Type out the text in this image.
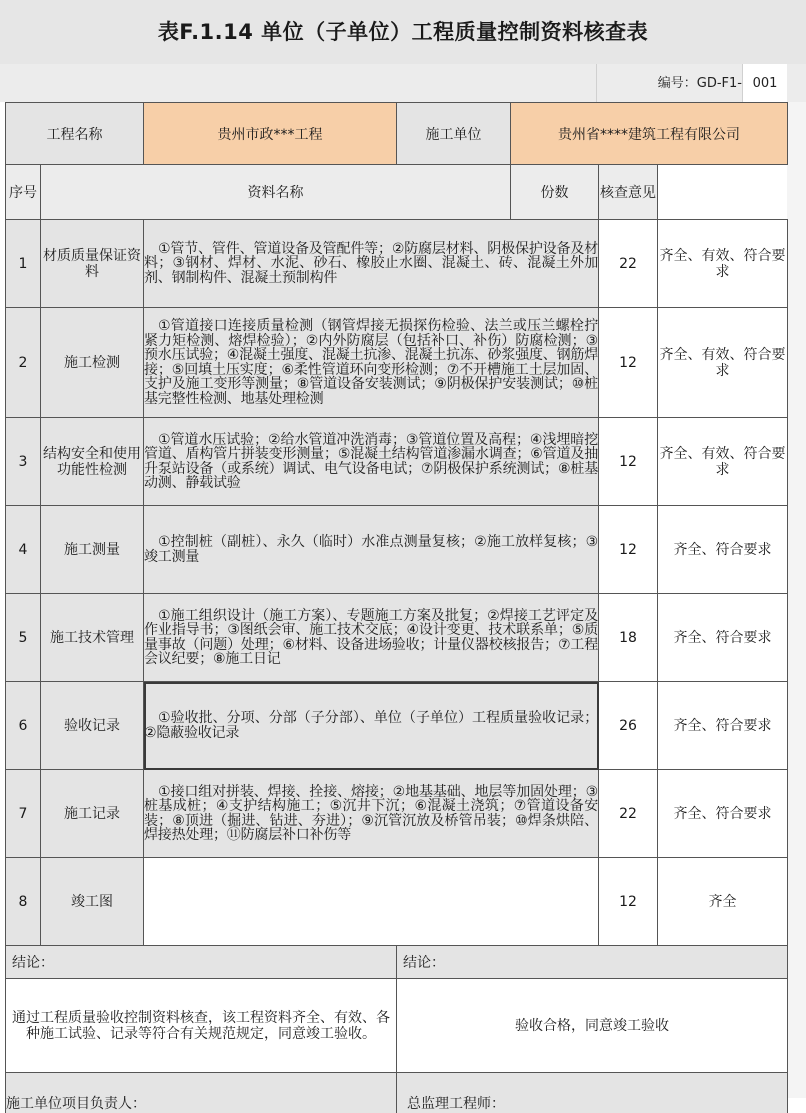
表F.1.14 单位（子单位）工程质量控制资料核查表
编号：GD-F1- 001
工程名称		贵州市政***工程	施工单位	贵州省****建筑工程有限公司		
序号	资料名称			份数	核查意见	
1	材质质量保证资料	①管节、管件、管道设备及管配件等；②防腐层材料、阴极保护设备及材料；③钢材、焊材、水泥、砂石、橡胶止水圈、混凝土、砖、混凝土外加剂、钢制构件、混凝土预制构件			22	齐全、有效、符合要求
2	施工检测	①管道接口连接质量检测（钢管焊接无损探伤检验、法兰或压兰螺栓拧紧力矩检测、熔焊检验）；②内外防腐层（包括补口、补伤）防腐检测；③预水压试验；④混凝土强度、混凝土抗渗、混凝土抗冻、砂浆强度、钢筋焊接；⑤回填土压实度；⑥柔性管道环向变形检测；⑦不开槽施工土层加固、支护及施工变形等测量；⑧管道设备安装测试；⑨阴极保护安装测试；⑩桩基完整性检测、地基处理检测			12	齐全、有效、符合要求
3	结构安全和使用功能性检测	①管道水压试验；②给水管道冲洗消毒；③管道位置及高程；④浅埋暗挖管道、盾构管片拼装变形测量；⑤混凝土结构管道渗漏水调查；⑥管道及抽升泵站设备（或系统）调试、电气设备电试；⑦阴极保护系统测试；⑧桩基动测、静载试验			12	齐全、有效、符合要求
4	施工测量	①控制桩（副桩）、永久（临时）水准点测量复核；②施工放样复核；③竣工测量			12	齐全、符合要求
5	施工技术管理	①施工组织设计（施工方案）、专题施工方案及批复；②焊接工艺评定及作业指导书；③图纸会审、施工技术交底；④设计变更、技术联系单；⑤质量事故（问题）处理；⑥材料、设备进场验收；计量仪器校核报告；⑦工程会议纪要；⑧施工日记			18	齐全、符合要求
6	验收记录	①验收批、分项、分部（子分部）、单位（子单位）工程质量验收记录；②隐蔽验收记录			26	齐全、符合要求
7	施工记录	①接口组对拼装、焊接、拴接、熔接；②地基基础、地层等加固处理；③桩基成桩；④支护结构施工；⑤沉井下沉；⑥混凝土浇筑；⑦管道设备安装；⑧顶进（掘进、钻进、夯进）；⑨沉管沉放及桥管吊装；⑩焊条烘陪、焊接热处理；⑪防腐层补口补伤等			22	齐全、符合要求
8	竣工图				12	齐全
结论：			结论：			
通过工程质量验收控制资料核查，该工程资料齐全、有效、各种施工试验、记录等符合有关规范规定，同意竣工验收。			验收合格，同意竣工验收			
施工单位项目负责人：			总监理工程师：			
